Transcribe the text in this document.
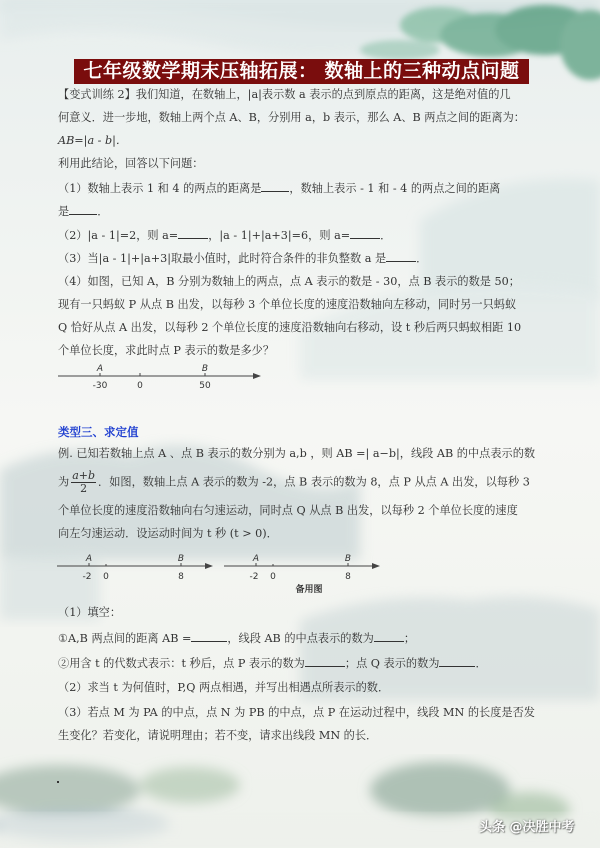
七年级数学期末压轴拓展： 数轴上的三种动点问题
【变式训练 2】我们知道，在数轴上，|a|表示数 a 表示的点到原点的距离，这是绝对值的几
何意义．进一步地，数轴上两个点 A、B，分别用 a，b 表示，那么 A、B 两点之间的距离为：
AB=|a - b|．
利用此结论，回答以下问题：
（1）数轴上表示 1 和 4 的两点的距离是	，数轴上表示 - 1 和 - 4 的两点之间的距离
是	．
（2）|a - 1|=2，则 a=	，|a - 1|+|a+3|=6，则 a=	．
（3）当|a - 1|+|a+3|取最小值时，此时符合条件的非负整数 a 是	．
（4）如图，已知 A，B 分别为数轴上的两点，点 A 表示的数是 - 30，点 B 表示的数是 50；
现有一只蚂蚁 P 从点 B 出发，以每秒 3 个单位长度的速度沿数轴向左移动，同时另一只蚂蚁
Q 恰好从点 A 出发，以每秒 2 个单位长度的速度沿数轴向右移动，设 t 秒后两只蚂蚁相距 10
个单位长度，求此时点 P 表示的数是多少？
A	B
-30	0	50
类型三、求定值
例. 已知若数轴上点 A 、点 B 表示的数分别为 a,b ，则 AB =| a−b|，线段 AB 的中点表示的数
为 $\frac{a+b}{2}$ ．如图，数轴上点 A 表示的数为 -2，点 B 表示的数为 8，点 P 从点 A 出发，以每秒 3
个单位长度的速度沿数轴向右匀速运动，同时点 Q 从点 B 出发，以每秒 2 个单位长度的速度
向左匀速运动．设运动时间为 t 秒 (t > 0)．
A	B
-2 0	8
A	B
-2 0	8
备用图
（1）填空：
①A,B 两点间的距离 AB =	，线段 AB 的中点表示的数为	；
②用含 t 的代数式表示：t 秒后，点 P 表示的数为	；点 Q 表示的数为	．
（2）求当 t 为何值时，P,Q 两点相遇，并写出相遇点所表示的数．
（3）若点 M 为 PA 的中点，点 N 为 PB 的中点，点 P 在运动过程中，线段 MN 的长度是否发
生变化？若变化，请说明理由；若不变，请求出线段 MN 的长．
头条 @决胜中考
